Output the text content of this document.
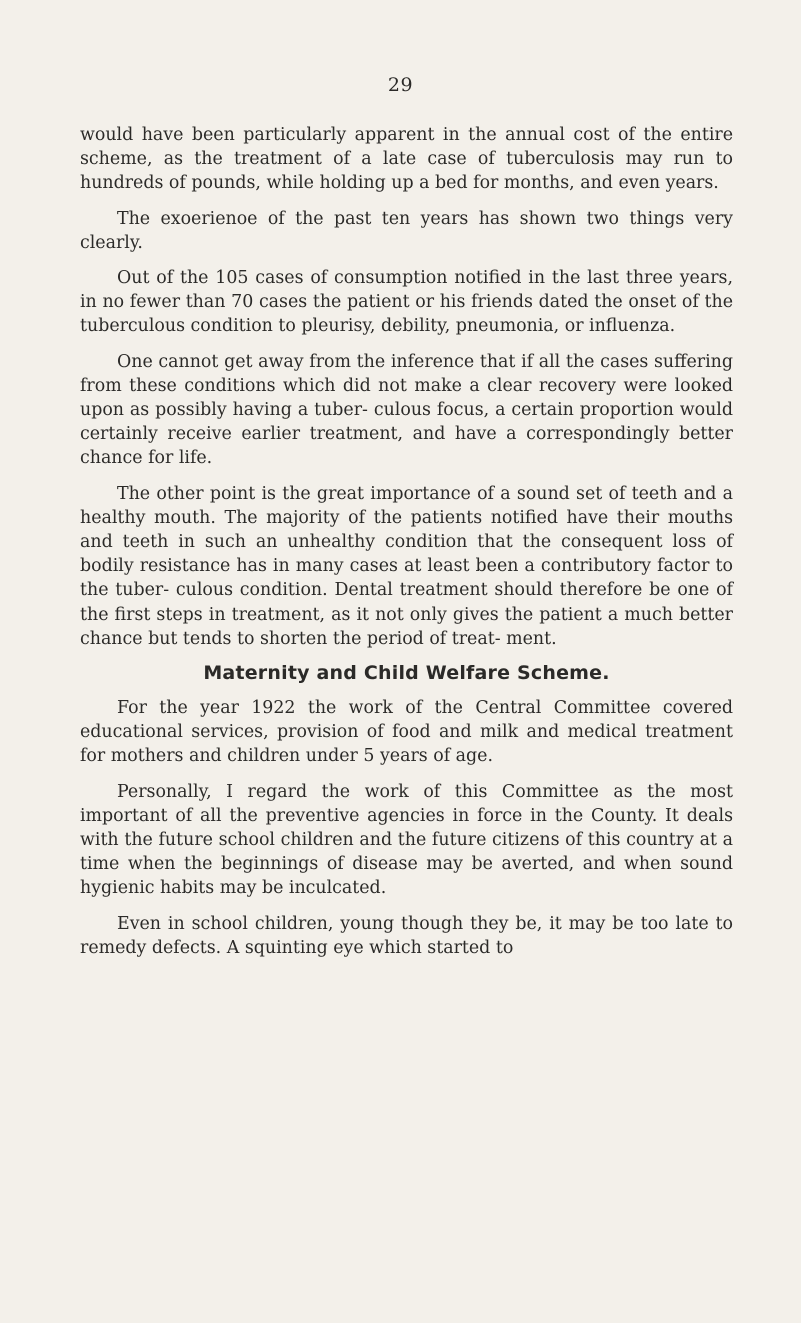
29

would have been particularly apparent in the annual cost of the entire scheme, as the treatment of a late case of tuberculosis may run to hundreds of pounds, while holding up a bed for months, and even years.

The exoerienoe of the past ten years has shown two things very clearly.

Out of the 105 cases of consumption notified in the last three years, in no fewer than 70 cases the patient or his friends dated the onset of the tuberculous condition to pleurisy, debility, pneumonia, or influenza.

One cannot get away from the inference that if all the cases suffering from these conditions which did not make a clear recovery were looked upon as possibly having a tuber- culous focus, a certain proportion would certainly receive earlier treatment, and have a correspondingly better chance for life.

The other point is the great importance of a sound set of teeth and a healthy mouth. The majority of the patients notified have their mouths and teeth in such an unhealthy condition that the consequent loss of bodily resistance has in many cases at least been a contributory factor to the tuber- culous condition. Dental treatment should therefore be one of the first steps in treatment, as it not only gives the patient a much better chance but tends to shorten the period of treat- ment.

Maternity and Child Welfare Scheme.

For the year 1922 the work of the Central Committee covered educational services, provision of food and milk and medical treatment for mothers and children under 5 years of age.

Personally, I regard the work of this Committee as the most important of all the preventive agencies in force in the County. It deals with the future school children and the future citizens of this country at a time when the beginnings of disease may be averted, and when sound hygienic habits may be inculcated.

Even in school children, young though they be, it may be too late to remedy defects. A squinting eye which started to
